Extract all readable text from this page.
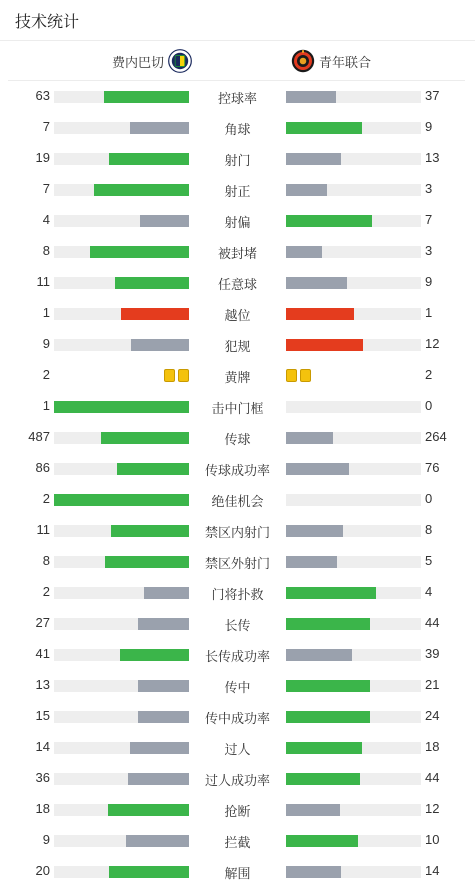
技术统计
费内巴切	青年联合
63	控球率	37
7	角球	9
19	射门	13
7	射正	3
4	射偏	7
8	被封堵	3
11	任意球	9
1	越位	1
9	犯规	12
2	黄牌	2
1	击中门框	0
487	传球	264
86	传球成功率	76
2	绝佳机会	0
11	禁区内射门	8
8	禁区外射门	5
2	门将扑救	4
27	长传	44
41	长传成功率	39
13	传中	21
15	传中成功率	24
14	过人	18
36	过人成功率	44
18	抢断	12
9	拦截	10
20	解围	14
